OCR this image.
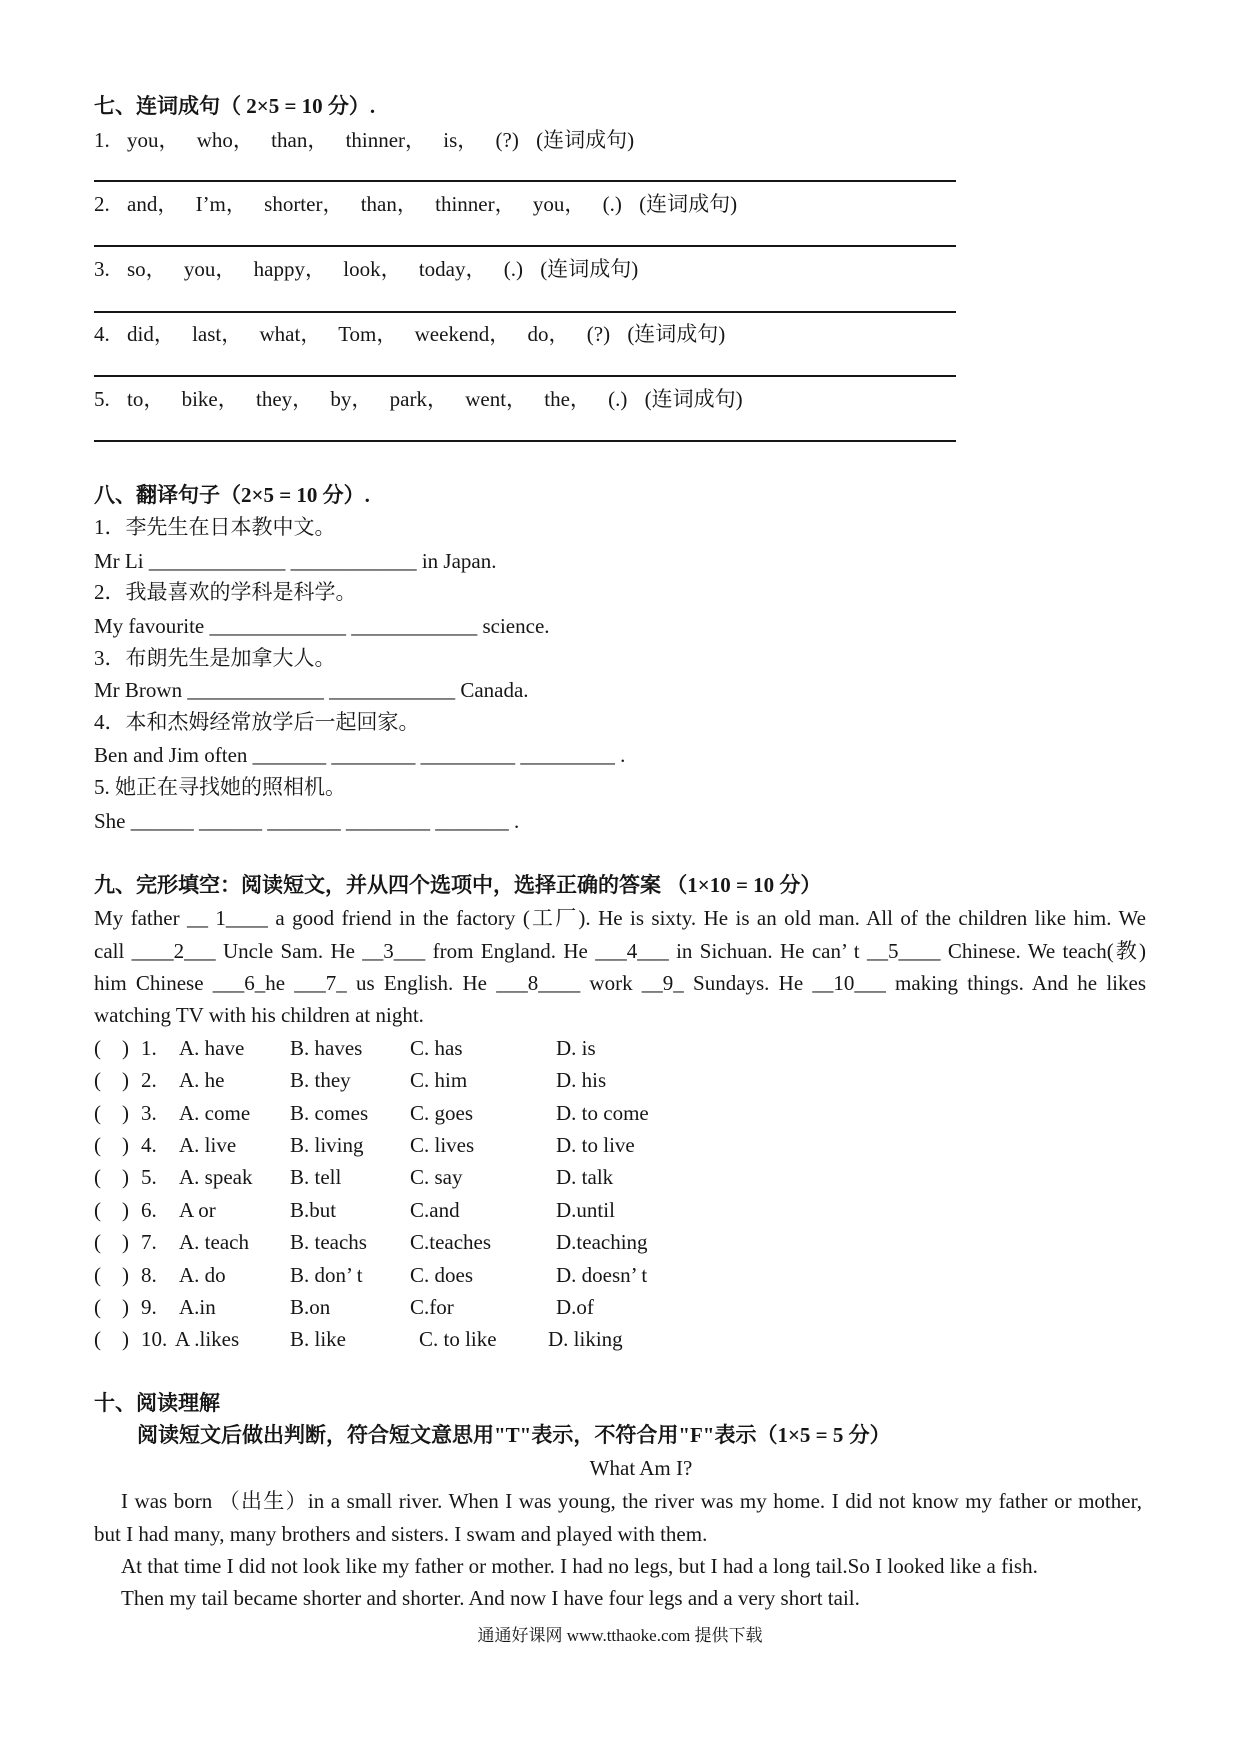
七、连词成句（ 2×5 = 10 分）.
1. you， who， than， thinner， is， (?) (连词成句)
2. and， I’m， shorter， than， thinner， you， (.) (连词成句)
3. so， you， happy， look， today， (.) (连词成句)
4. did， last， what， Tom， weekend， do， (?) (连词成句)
5. to， bike， they， by， park， went， the， (.) (连词成句)
八、翻译句子（2×5 = 10 分）.
1．李先生在日本教中文。
Mr Li _____________ ____________ in Japan.
2．我最喜欢的学科是科学。
My favourite _____________ ____________ science.
3．布朗先生是加拿大人。
Mr Brown _____________ ____________ Canada.
4．本和杰姆经常放学后一起回家。
Ben and Jim often _______ ________ _________ _________ .
5. 她正在寻找她的照相机。
She ______ ______ _______ ________ _______ .
九、完形填空：阅读短文，并从四个选项中，选择正确的答案 （1×10 = 10 分）
My father __ 1____ a good friend in the factory (工厂). He is sixty. He is an old man. All of the children like him. We
call ____2___ Uncle Sam. He __3___ from England. He ___4___ in Sichuan. He can’ t __5____ Chinese. We teach(教)
him Chinese ___6_he ___7_ us English. He ___8____ work __9_ Sundays. He __10___ making things. And he likes
watching TV with his children at night.
(    ) 1. A. have B. haves C. has	D. is
(    ) 2. A. he	B. they	C. him	D. his
(    ) 3. A. come B. comes C. goes	D. to come
(    ) 4. A. live	B. living C. lives	D. to live
(    ) 5. A. speak B. tell	C. say	D. talk
(    ) 6. A or	B.but	C.and	D.until
(    ) 7. A. teach B. teachs C.teaches	D.teaching
(    ) 8. A. do	B. don’ t C. does	D. doesn’ t
(    ) 9. A.in	B.on	C.for	D.of
(    ) 10. A .likes B. like	C. to like D. liking
十、阅读理解
阅读短文后做出判断，符合短文意思用"T"表示，不符合用"F"表示（1×5 = 5 分）
What Am I?
I was born （出生）in a small river. When I was young, the river was my home. I did not know my father or mother,
but I had many, many brothers and sisters. I swam and played with them.
At that time I did not look like my father or mother. I had no legs, but I had a long tail.So I looked like a fish.
Then my tail became shorter and shorter. And now I have four legs and a very short tail.
通通好课网 www.tthaoke.com 提供下载
